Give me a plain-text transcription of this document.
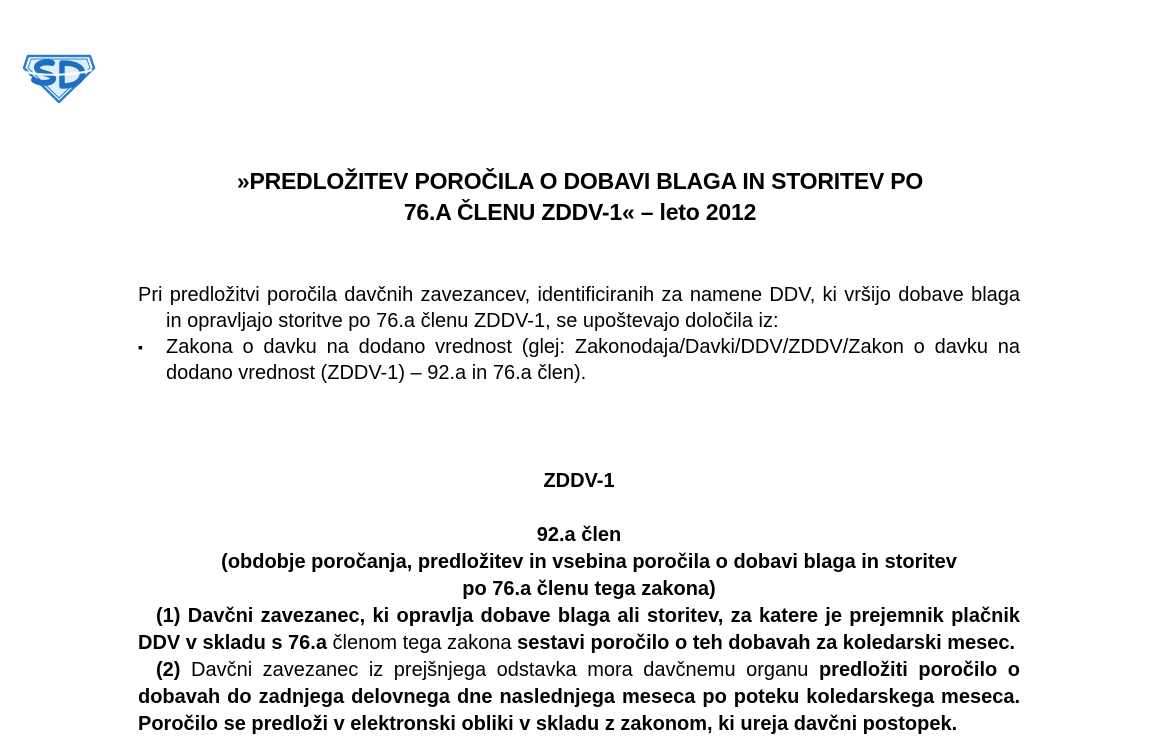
»PREDLOŽITEV POROČILA O DOBAVI BLAGA IN STORITEV PO
76.A ČLENU ZDDV-1« – leto 2012

Pri predložitvi poročila davčnih zavezancev, identificiranih za namene DDV, ki vršijo dobave blaga in opravljajo storitve po 76.a členu ZDDV-1, se upoštevajo določila iz:

▪	Zakona o davku na dodano vrednost (glej: Zakonodaja/Davki/DDV/ZDDV/Zakon o davku na dodano vrednost (ZDDV-1) – 92.a in 76.a člen).

ZDDV-1

92.a člen

(obdobje poročanja, predložitev in vsebina poročila o dobavi blaga in storitev

po 76.a členu tega zakona)

(1) Davčni zavezanec, ki opravlja dobave blaga ali storitev, za katere je prejemnik plačnik DDV v skladu s 76.a členom tega zakona sestavi poročilo o teh dobavah za koledarski mesec.

(2) Davčni zavezanec iz prejšnjega odstavka mora davčnemu organu predložiti poročilo o dobavah do zadnjega delovnega dne naslednjega meseca po poteku koledarskega meseca. Poročilo se predloži v elektronski obliki v skladu z zakonom, ki ureja davčni postopek.
